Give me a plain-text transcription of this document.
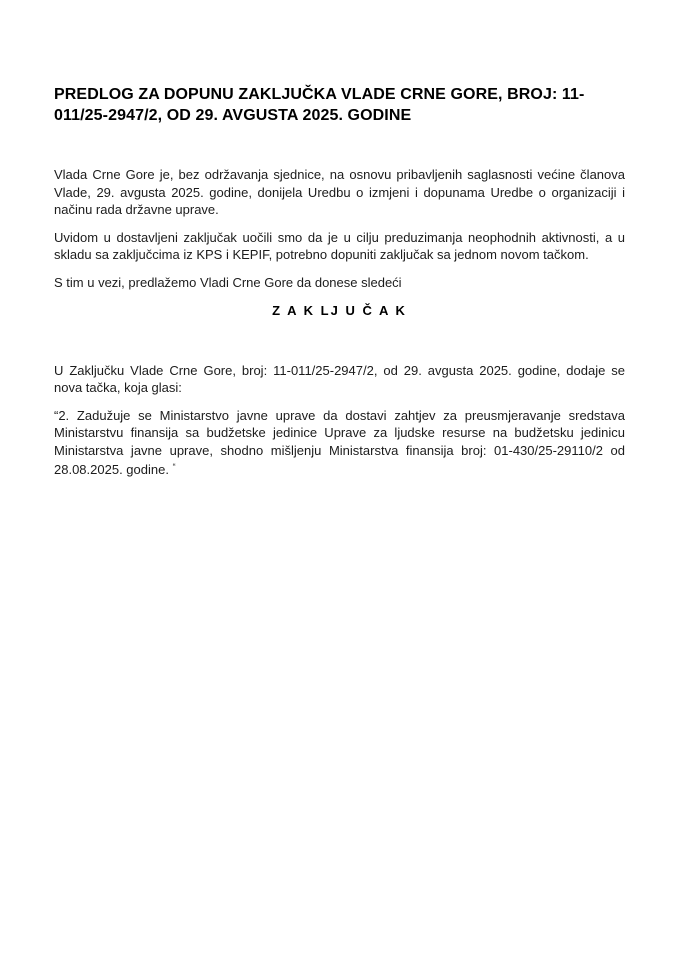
PREDLOG ZA DOPUNU ZAKLJUČKA VLADE CRNE GORE, BROJ: 11-011/25-2947/2, OD 29. AVGUSTA 2025. GODINE

Vlada Crne Gore je, bez održavanja sjednice, na osnovu pribavljenih saglasnosti većine članova Vlade, 29. avgusta 2025. godine, donijela Uredbu o izmjeni i dopunama Uredbe o organizaciji i načinu rada državne uprave.

Uvidom u dostavljeni zaključak uočili smo da je u cilju preduzimanja neophodnih aktivnosti, a u skladu sa zaključcima iz KPS i KEPIF, potrebno dopuniti zaključak sa jednom novom tačkom.

S tim u vezi, predlažemo Vladi Crne Gore da donese sledeći

Z A K LJ U Č A K

U Zaključku Vlade Crne Gore, broj: 11-011/25-2947/2, od 29. avgusta 2025. godine, dodaje se nova tačka, koja glasi:

“2. Zadužuje se Ministarstvo javne uprave da dostavi zahtjev za preusmjeravanje sredstava Ministarstvu finansija sa budžetske jedinice Uprave za ljudske resurse na budžetsku jedinicu Ministarstva javne uprave, shodno mišljenju Ministarstva finansija broj: 01-430/25-29110/2 od 28.08.2025. godine. “
